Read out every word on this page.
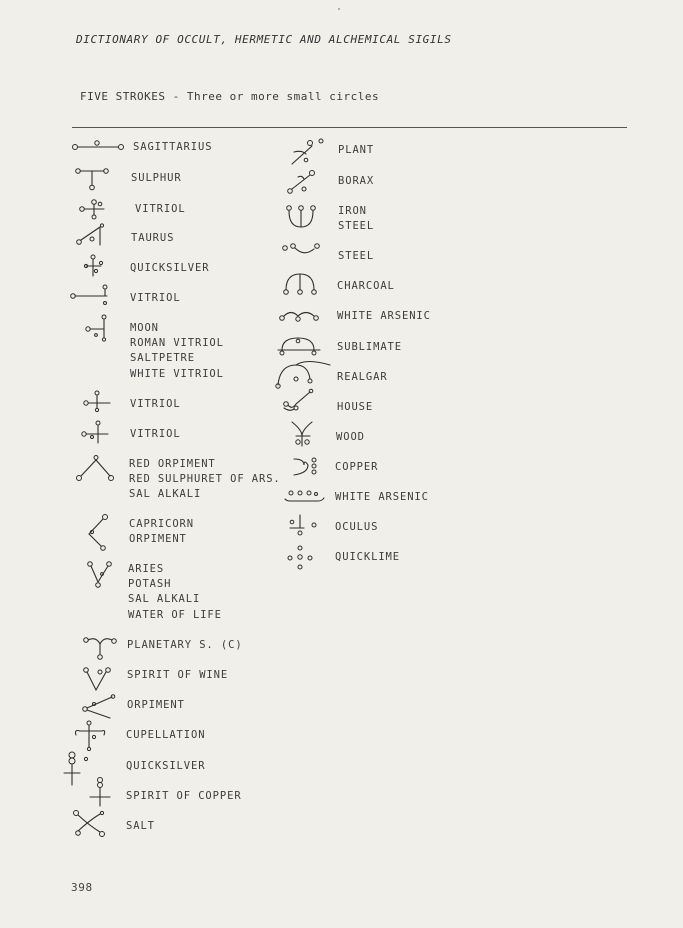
DICTIONARY OF OCCULT, HERMETIC AND ALCHEMICAL SIGILS
FIVE STROKES - Three or more small circles
SAGITTARIUS
SULPHUR
VITRIOL
TAURUS
QUICKSILVER
VITRIOL
MOON
ROMAN VITRIOL
SALTPETRE
WHITE VITRIOL
VITRIOL
VITRIOL
RED ORPIMENT
RED SULPHURET OF ARS.
SAL ALKALI
CAPRICORN
ORPIMENT
ARIES
POTASH
SAL ALKALI
WATER OF LIFE
PLANETARY S. (C)
SPIRIT OF WINE
ORPIMENT
CUPELLATION
QUICKSILVER
SPIRIT OF COPPER
SALT
PLANT
BORAX
IRON
STEEL
STEEL
CHARCOAL
WHITE ARSENIC
SUBLIMATE
REALGAR
HOUSE
WOOD
COPPER
WHITE ARSENIC
OCULUS
QUICKLIME
398
